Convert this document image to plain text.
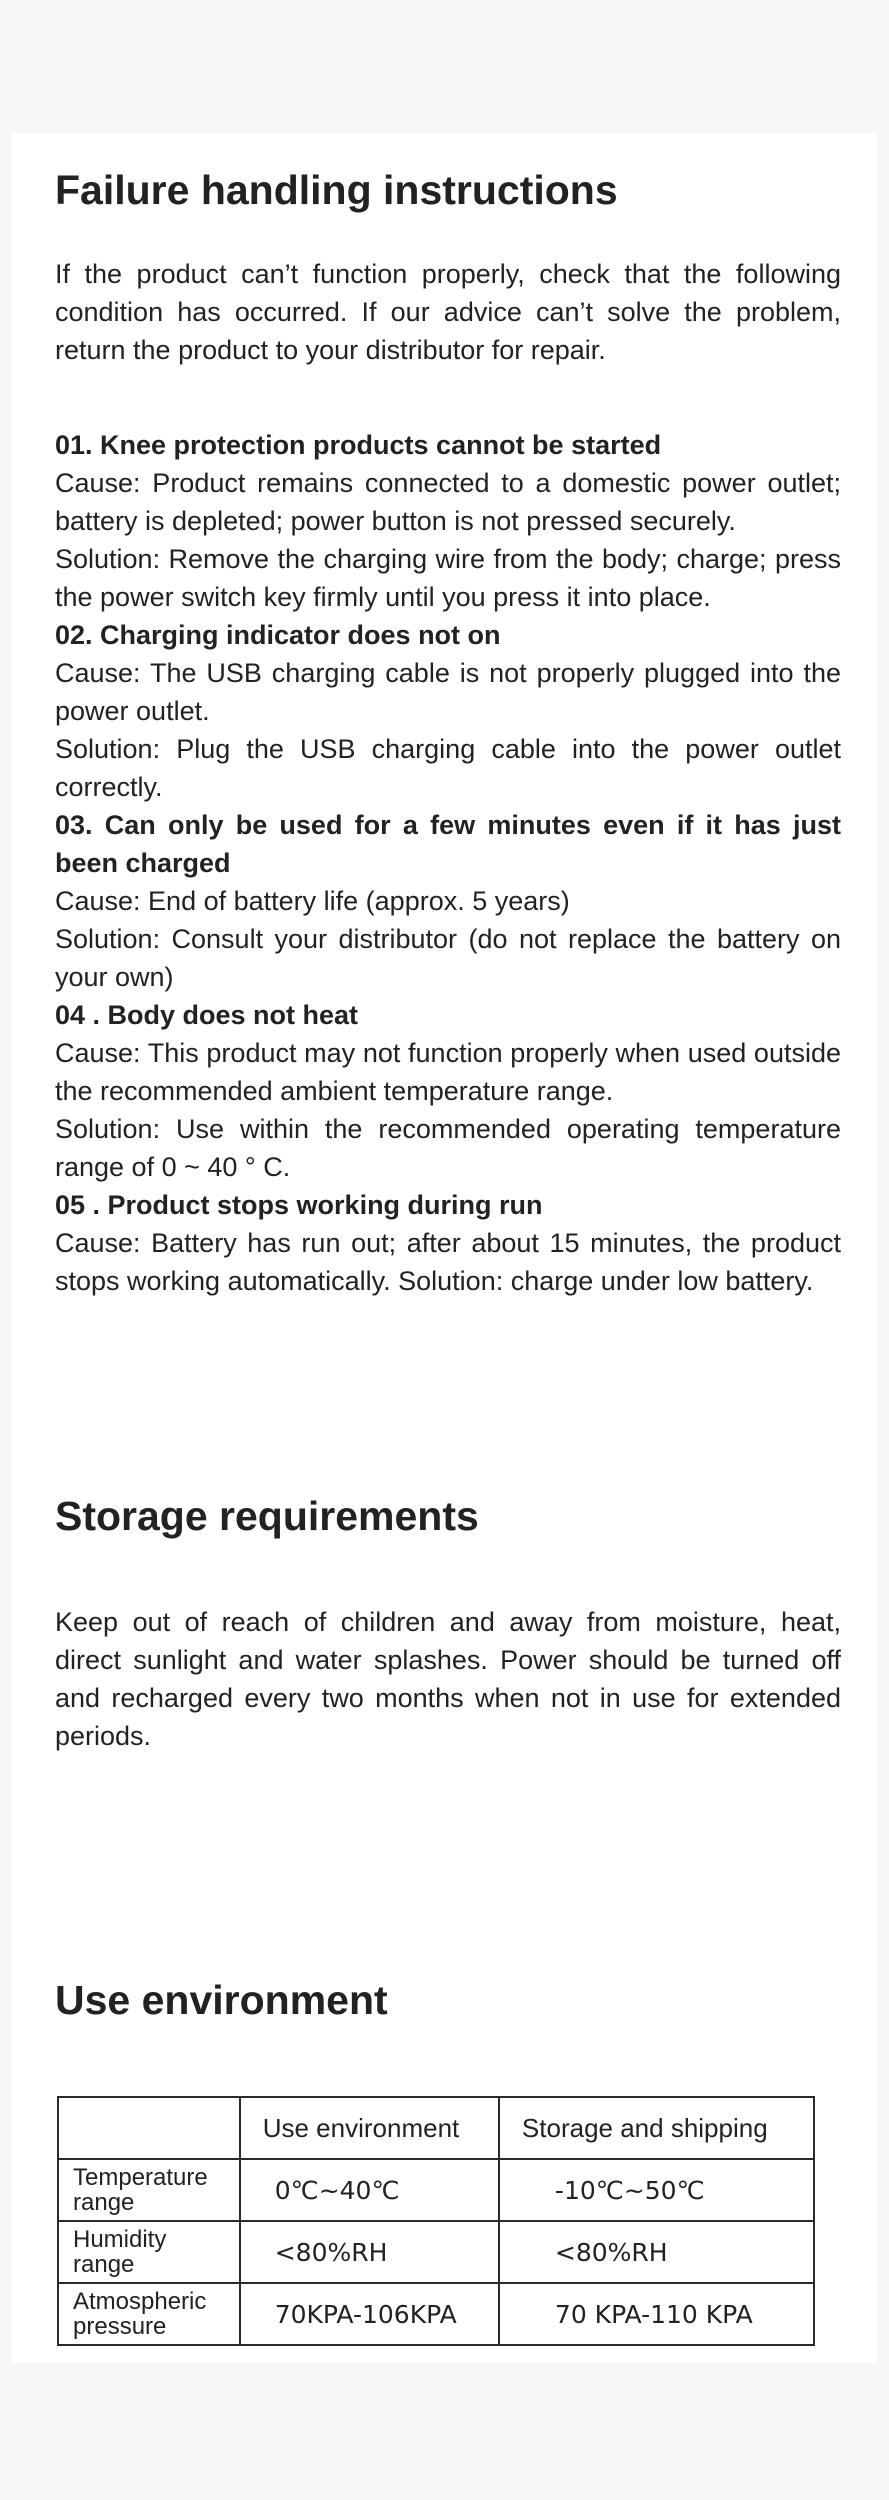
Failure handling instructions

If the product can’t function properly, check that the following condition has occurred. If our advice can’t solve the problem, return the product to your distributor for repair.

01. Knee protection products cannot be started
Cause: Product remains connected to a domestic power outlet; battery is depleted; power button is not pressed securely.
Solution: Remove the charging wire from the body; charge; press the power switch key firmly until you press it into place.
02. Charging indicator does not on
Cause: The USB charging cable is not properly plugged into the power outlet.
Solution: Plug the USB charging cable into the power outlet correctly.
03. Can only be used for a few minutes even if it has just been charged
Cause: End of battery life (approx. 5 years)
Solution: Consult your distributor (do not replace the battery on your own)
04 . Body does not heat
Cause: This product may not function properly when used outside the recommended ambient temperature range.
Solution: Use within the recommended operating temperature range of 0 ~ 40 ° C.
05 . Product stops working during run
Cause: Battery has run out; after about 15 minutes, the product stops working automatically. Solution: charge under low battery.
Storage requirements

Keep out of reach of children and away from moisture, heat, direct sunlight and water splashes. Power should be turned off and recharged every two months when not in use for extended periods.

Use environment
	Use environment	Storage and shipping

Temperature
range	0℃~40℃	-10℃~50℃

Humidity
range	<80%RH	<80%RH

Atmospheric
pressure	70KPA-106KPA	70 KPA-110 KPA
